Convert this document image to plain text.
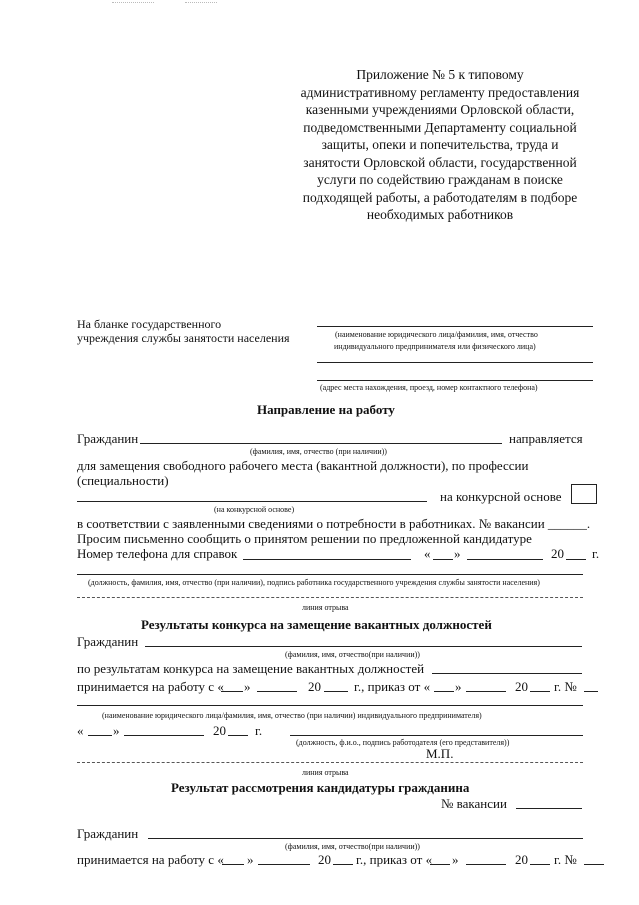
Приложение № 5 к типовому административному регламенту предоставления казенными учреждениями Орловской области, подведомственными Департаменту социальной защиты, опеки и попечительства, труда и занятости Орловской области, государственной услуги по содействию гражданам в поиске подходящей работы, а работодателям в подборе необходимых работников
На бланке государственного
учреждения службы занятости населения	(наименование юридического лица/фамилия, имя, отчество
индивидуального предпринимателя или физического лица)
(адрес места нахождения, проезд, номер контактного телефона)
Направление на работу
Гражданин	направляется
(фамилия, имя, отчество (при наличии))
для замещения свободного рабочего места (вакантной должности), по профессии
(специальности)
на конкурсной основе
(на конкурсной основе)
в соответствии с заявленными сведениями о потребности в работниках. № вакансии ______.
Просим письменно сообщить о принятом решении по предложенной кандидатуре
Номер телефона для справок	« »	20 г.
(должность, фамилия, имя, отчество (при наличии), подпись работника государственного учреждения службы занятости населения)
линия отрыва
Результаты конкурса на замещение вакантных должностей
Гражданин
(фамилия, имя, отчество(при наличии))
по результатам конкурса на замещение вакантных должностей
принимается на работу с « »	20	г., приказ от « »	20 г. №
(наименование юридического лица/фамилия, имя, отчество (при наличии) индивидуального предпринимателя)
« »	20 г.
(должность, ф.и.о., подпись работодателя (его представителя))
М.П.
линия отрыва
Результат рассмотрения кандидатуры гражданина
№ вакансии
Гражданин
(фамилия, имя, отчество(при наличии))
принимается на работу с « »	20 г., приказ от « »	20 г. №
